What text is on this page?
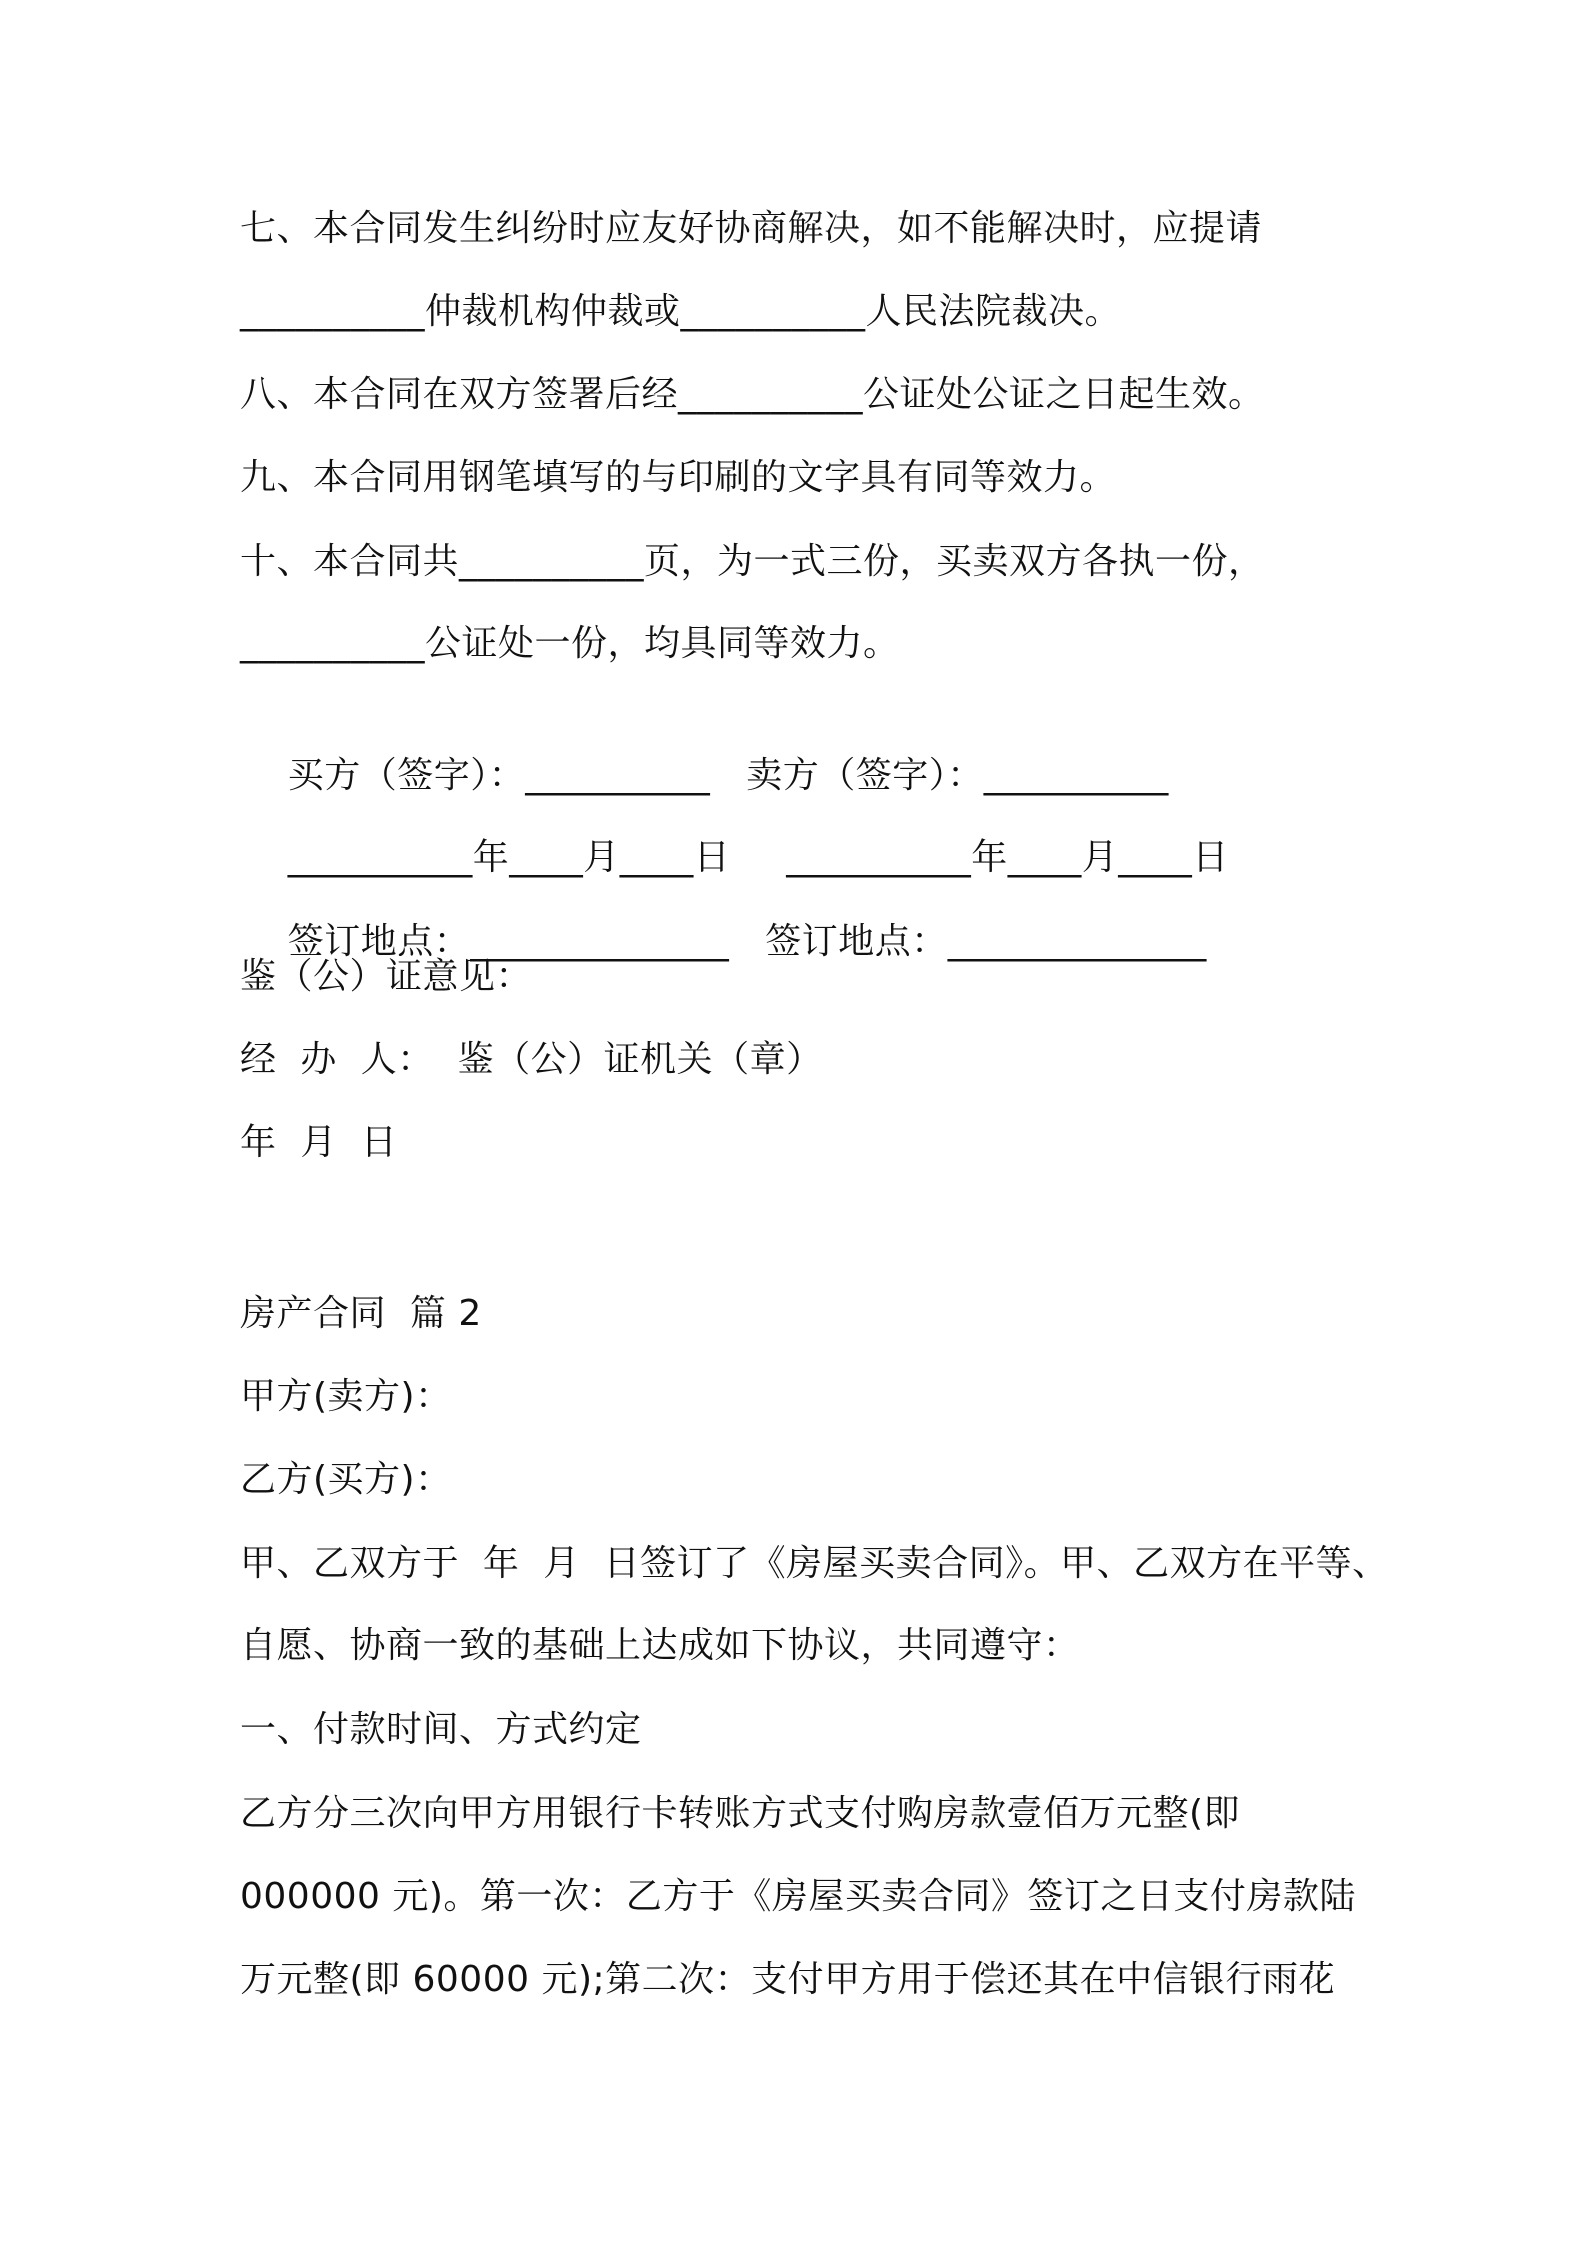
七、本合同发生纠纷时应友好协商解决，如不能解决时，应提请
__________仲裁机构仲裁或__________人民法院裁决。
八、本合同在双方签署后经__________公证处公证之日起生效。
九、本合同用钢笔填写的与印刷的文字具有同等效力。
十、本合同共__________页，为一式三份，买卖双方各执一份，
__________公证处一份，均具同等效力。

买方（签字）：__________ 卖方（签字）：__________

__________年____月____日 __________年____月____日

签订地点：______________ 签订地点：______________

鉴（公）证意见：
经  办  人：  鉴（公）证机关（章）
年  月  日
房产合同  篇 2
甲方(卖方)：
乙方(买方)：
甲、乙双方于  年  月  日签订了《房屋买卖合同》。甲、乙双方在平等、
自愿、协商一致的基础上达成如下协议，共同遵守：
一、付款时间、方式约定
乙方分三次向甲方用银行卡转账方式支付购房款壹佰万元整(即
000000 元)。第一次：乙方于《房屋买卖合同》签订之日支付房款陆
万元整(即 60000 元);第二次：支付甲方用于偿还其在中信银行雨花
